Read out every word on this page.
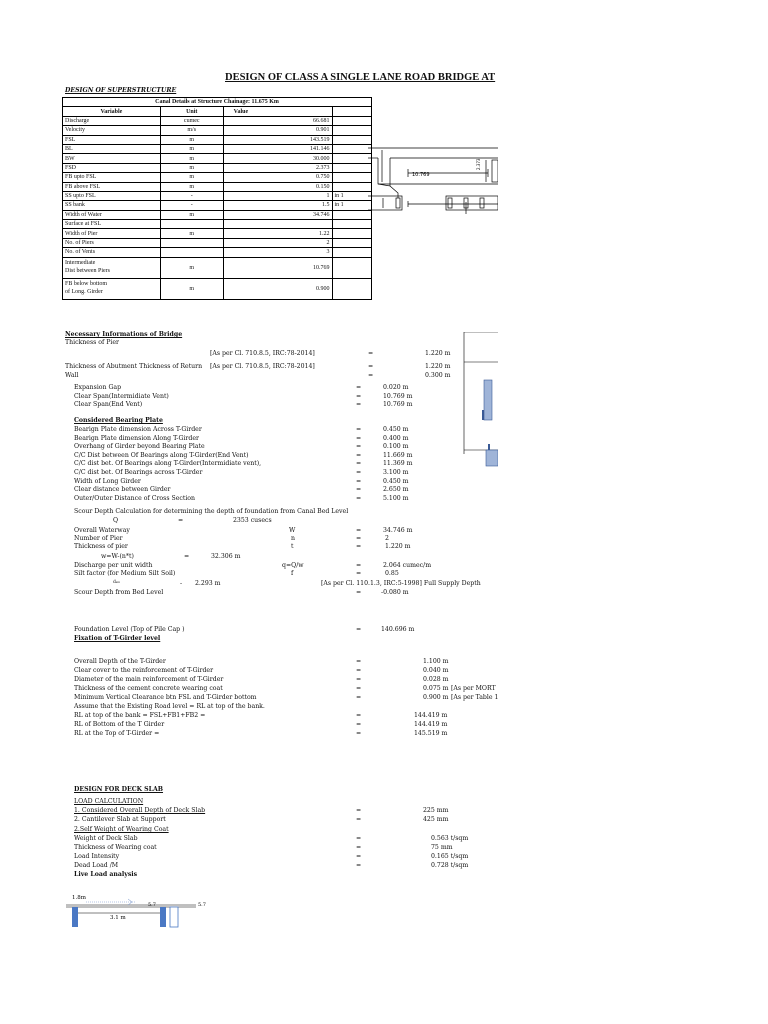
DESIGN OF CLASS A SINGLE LANE ROAD BRIDGE AT
DESIGN OF SUPERSTRUCTURE
Canal Details at Structure Chainage: 11.675 Km			
Variable	Unit	Value	
Discharge	cumec	66.681	
Velocity	m/s	0.901	
FSL	m	143.519	
BL	m	141.146	
BW	m	30.000	
FSD	m	2.373	
FB upto FSL	m	0.750	
FB above FSL	m	0.150	
SS upto FSL	-	1	in 1
SS bank	-	1.5	in 1
Width of Water	m	34.746	
Surface at FSL			
Width of Pier	m	1.22	
No. of Piers		2	
No. of Vents		3	

Intermediate
Dist between Piers	m	10.769	

FB below bottom
of Long. Girder	m	0.900	
10.769
2.373
Necessary Informations of Bridge
Thickness of Pier
[As per Cl. 710.8.5, IRC:78-2014]	=	1.220 m
Thickness of Abutment Thickness of Return [As per Cl. 710.8.5, IRC:78-2014]	=	1.220 m
Wall	=	0.300 m
Expansion Gap	=	0.020 m
Clear Span(Intermidiate Vent)	=	10.769 m
Clear Span(End Vent)	=	10.769 m
Considered Bearing Plate
Bearign Plate dimension Across T-Girder	=	0.450 m
Bearign Plate dimension Along T-Girder	=	0.400 m
Overhang of Girder beyond Bearing Plate	=	0.100 m
C/C Dist between Of Bearings along T-Girder(End Vent)	=	11.669 m
C/C dist bet. Of Bearings along T-Girder(Intermidiate vent),	=	11.369 m
C/C dist bet. Of Bearings across T-Girder	=	3.100 m
Width of Long Girder	=	0.450 m
Clear distance between Girder	=	2.650 m
Outer/Outer Distance of Cross Section	=	5.100 m
Scour Depth Calculation for determining the depth of foundation from Canal Bed Level
Q	=	2353 cusecs
Overall Waterway	W	=	34.746 m
Number of Pier	n	=	2
Thickness of pier	t	=	1.220 m
w=W-(n*t)	=	32.306 m
Discharge per unit width	q=Q/w	=	2.064 cumec/m
Silt factor (for Medium Silt Soil)	f	=	0.85
dₛₘ	- 2.293 m	[As per Cl. 110.1.3, IRC:5-1998] Full Supply Depth
Scour Depth from Bed Level	=	-0.080 m
Foundation Level (Top of Pile Cap )	=	140.696 m
Fixation of T-Girder level
Overall Depth of the T-Girder	=	1.100 m
Clear cover to the reinforcement of T-Girder	=	0.040 m
Diameter of the main reinforcement of T-Girder	=	0.028 m
Thickness of the cement concrete wearing coat	=	0.075 m [As per MORT
Minimum Vertical Clearance btn FSL and T-Girder bottom	=	0.900 m [As per Table 1
Assume that the Existing Road level = RL at top of the bank.
RL at top of the bank = FSL+FB1+FB2 =	=	144.419 m
RL of Bottom of the T Girder	=	144.419 m
RL at the Top of T-Girder =	=	145.519 m
DESIGN FOR DECK SLAB
LOAD CALCULATION
1. Considered Overall Depth of Deck Slab	=	225 mm
2. Cantilever Slab at Support	=	425 mm
2.Self Weight of Wearing Coat
Weight of Deck Slab	=	0.563 t/sqm
Thickness of Wearing coat	=	75 mm
Load Intensity	=	0.165 t/sqm
Dead Load /M	=	0.728 t/sqm
Live Load analysis
1.8m
5.7	5.7
3.1 m
